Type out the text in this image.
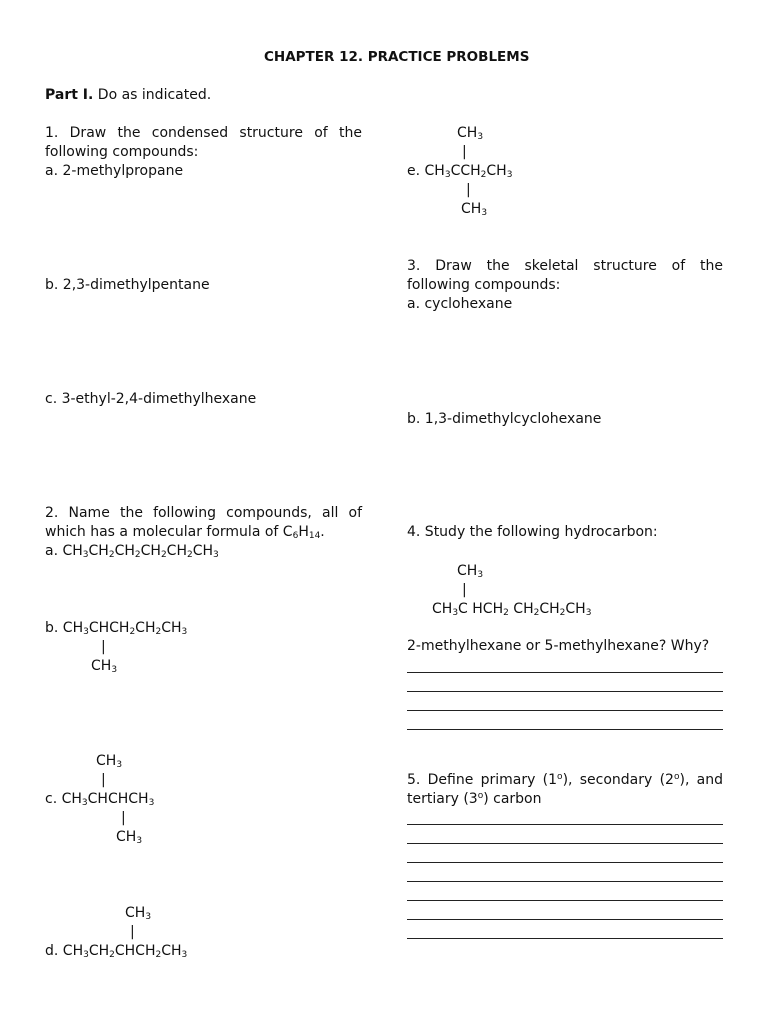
CHAPTER 12. PRACTICE PROBLEMS
Part I. Do as indicated.
1. Draw the condensed structure of the following compounds:
a. 2-methylpropane
b. 2,3-dimethylpentane
c. 3-ethyl-2,4-dimethylhexane
$CH_3$
|
e. $CH_3CCH_2CH_3$
|
$CH_3$
3. Draw the skeletal structure of the following compounds:
a. cyclohexane
b. 1,3-dimethylcyclohexane
2. Name the following compounds, all of which has a molecular formula of $C_6H_{14}$.
a. $CH_3CH_2CH_2CH_2CH_2CH_3$
b. $CH_3CHCH_2CH_2CH_3$
|
$CH_3$
$CH_3$
|
c. $CH_3CHCHCH_3$
|
$CH_3$
$CH_3$
|
d. $CH_3CH_2CHCH_2CH_3$
4. Study the following hydrocarbon:
$CH_3$
|
$CH_3C$ $HCH_2$ $CH_2CH_2CH_3$
2-methylhexane or 5-methylhexane? Why?
5. Define primary (1$^o$), secondary (2$^o$), and tertiary (3$^o$) carbon
